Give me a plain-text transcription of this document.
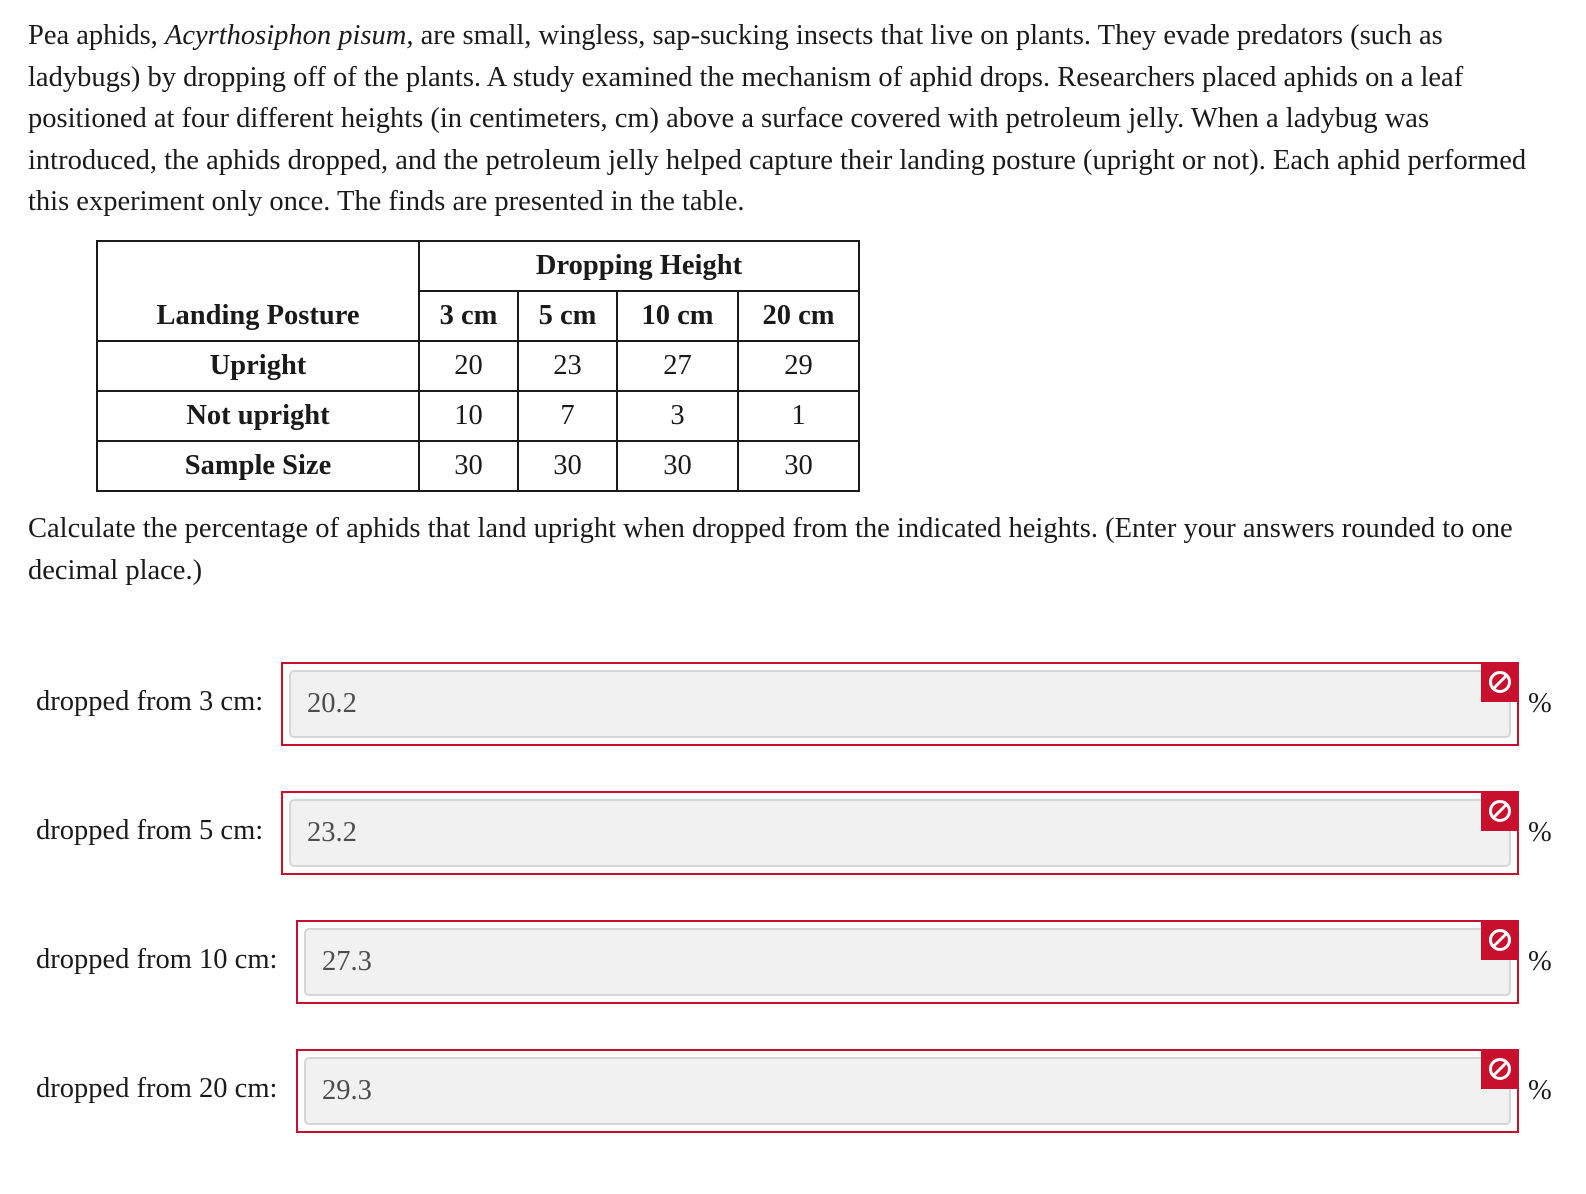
Pea aphids, Acyrthosiphon pisum, are small, wingless, sap-sucking insects that live on plants. They evade predators (such as ladybugs) by dropping off of the plants. A study examined the mechanism of aphid drops. Researchers placed aphids on a leaf positioned at four different heights (in centimeters, cm) above a surface covered with petroleum jelly. When a ladybug was introduced, the aphids dropped, and the petroleum jelly helped capture their landing posture (upright or not). Each aphid performed this experiment only once. The finds are presented in the table.

	Dropping Height			
Landing Posture	3 cm	5 cm	10 cm	20 cm
Upright	20	23	27	29
Not upright	10	7	3	1
Sample Size	30	30	30	30

Calculate the percentage of aphids that land upright when dropped from the indicated heights. (Enter your answers rounded to one decimal place.)

dropped from 3 cm:
20.2	%
dropped from 5 cm:
23.2	%
dropped from 10 cm:
27.3	%
dropped from 20 cm:
29.3	%
